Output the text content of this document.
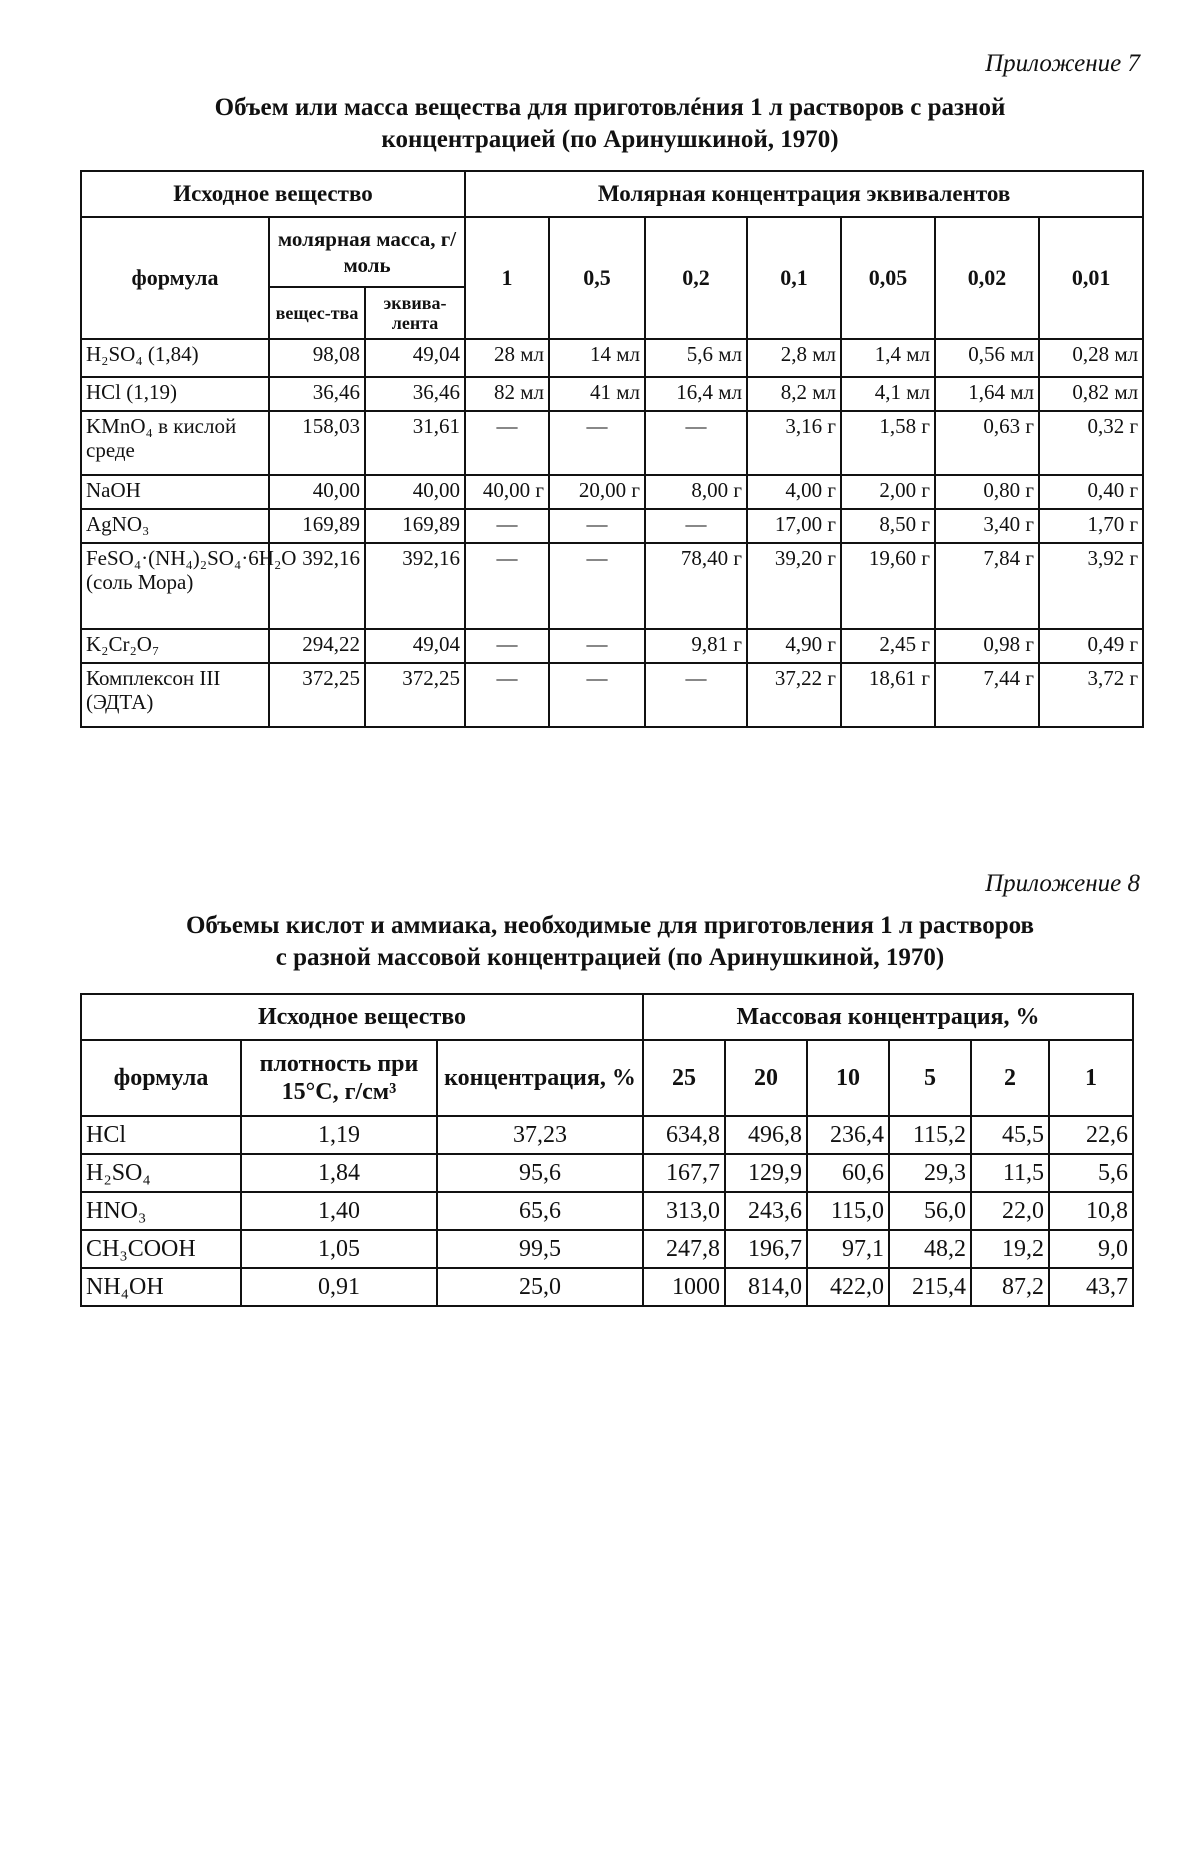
Приложение 7
Объем или масса вещества для приготовлéния 1 л растворов с разной
концентрацией (по Аринушкиной, 1970)
Исходное вещество			Молярная концентрация эквивалентов						
формула	молярная масса, г/моль		1	0,5	0,2	0,1	0,05	0,02	0,01
	вещес-тва	эквива-лента							
H₂SO₄ (1,84)	98,08	49,04	28 мл	14 мл	5,6 мл	2,8 мл	1,4 мл	0,56 мл	0,28 мл
HCl (1,19)	36,46	36,46	82 мл	41 мл	16,4 мл	8,2 мл	4,1 мл	1,64 мл	0,82 мл
KMnO₄ в кислой среде	158,03	31,61	—	—	—	3,16 г	1,58 г	0,63 г	0,32 г
NaOH	40,00	40,00	40,00 г	20,00 г	8,00 г	4,00 г	2,00 г	0,80 г	0,40 г
AgNO₃	169,89	169,89	—	—	—	17,00 г	8,50 г	3,40 г	1,70 г
FeSO₄·(NH₄)₂SO₄·6H₂O (соль Мора)	392,16	392,16	—	—	78,40 г	39,20 г	19,60 г	7,84 г	3,92 г
K₂Cr₂O₇	294,22	49,04	—	—	9,81 г	4,90 г	2,45 г	0,98 г	0,49 г
Комплексон III (ЭДТА)	372,25	372,25	—	—	—	37,22 г	18,61 г	7,44 г	3,72 г
Приложение 8
Объемы кислот и аммиака, необходимые для приготовления 1 л растворов
с разной массовой концентрацией (по Аринушкиной, 1970)
Исходное вещество			Массовая концентрация, %					
формула	плотность при 15°С, г/см³	концентрация, %	25	20	10	5	2	1
HCl	1,19	37,23	634,8	496,8	236,4	115,2	45,5	22,6
H₂SO₄	1,84	95,6	167,7	129,9	60,6	29,3	11,5	5,6
HNO₃	1,40	65,6	313,0	243,6	115,0	56,0	22,0	10,8
CH₃COOH	1,05	99,5	247,8	196,7	97,1	48,2	19,2	9,0
NH₄OH	0,91	25,0	1000	814,0	422,0	215,4	87,2	43,7
